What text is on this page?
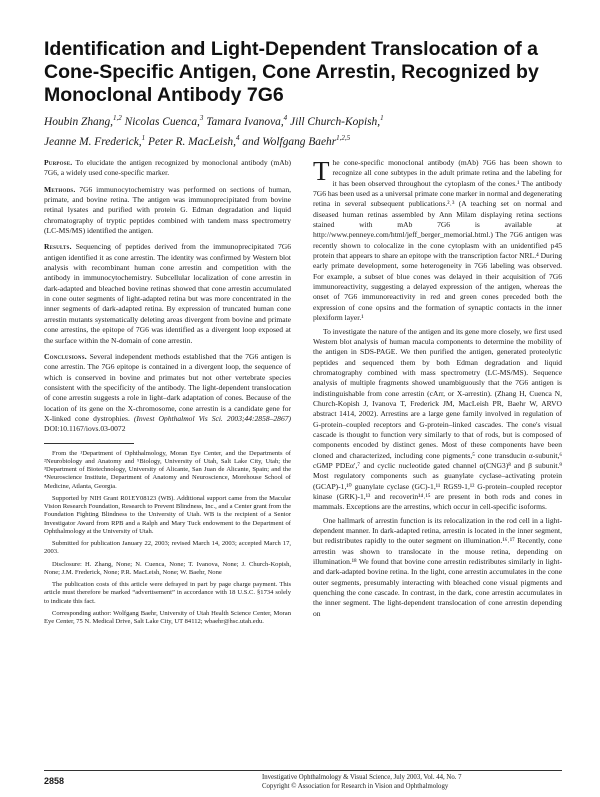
Identification and Light-Dependent Translocation of a Cone-Specific Antigen, Cone Arrestin, Recognized by Monoclonal Antibody 7G6
Houbin Zhang,$^{1,2}$ Nicolas Cuenca,$^3$ Tamara Ivanova,$^4$ Jill Church-Kopish,$^1$
Jeanne M. Frederick,$^1$ Peter R. MacLeish,$^4$ and Wolfgang Baehr$^{1,2,5}$

Purpose. To elucidate the antigen recognized by monoclonal antibody (mAb) 7G6, a widely used cone-specific marker.

Methods. 7G6 immunocytochemistry was performed on sections of human, primate, and bovine retina. The antigen was immunoprecipitated from bovine retinal lysates and purified with protein G. Edman degradation and liquid chromatography of tryptic peptides combined with tandem mass spectrometry (LC-MS/MS) identified the antigen.

Results. Sequencing of peptides derived from the immunoprecipitated 7G6 antigen identified it as cone arrestin. The identity was confirmed by Western blot analysis with recombinant human cone arrestin and competition with the antibody in immunocytochemistry. Subcellular localization of cone arrestin in dark-adapted and bleached bovine retinas showed that cone arrestin accumulated in cone outer segments of light-adapted retina but was more concentrated in the inner segments of dark-adapted retina. By expression of truncated human cone arrestin mutants systematically deleting areas divergent from bovine and primate cone arrestins, the epitope of 7G6 was identified as a divergent loop exposed at the surface within the N-domain of cone arrestin.

Conclusions. Several independent methods established that the 7G6 antigen is cone arrestin. The 7G6 epitope is contained in a divergent loop, the sequence of which is conserved in bovine and primates but not other vertebrate species consistent with the specificity of the antibody. The light-dependent translocation of cone arrestin suggests a role in light–dark adaptation of cones. Because of the location of its gene on the X-chromosome, cone arrestin is a candidate gene for X-linked cone dystrophies. (Invest Ophthalmol Vis Sci. 2003;44:2858–2867) DOI:10.1167/iovs.03-0072

From the ¹Department of Ophthalmology, Moran Eye Center, and the Departments of ²Neurobiology and Anatomy and ⁵Biology, University of Utah, Salt Lake City, Utah; the ³Department of Biotechnology, University of Alicante, San Juan de Alicante, Spain; and the ⁴Neuroscience Institute, Department of Anatomy and Neuroscience, Morehouse School of Medicine, Atlanta, Georgia.

Supported by NIH Grant R01EY08123 (WB). Additional support came from the Macular Vision Research Foundation, Research to Prevent Blindness, Inc., and a Center grant from the Foundation Fighting Blindness to the University of Utah. WB is the recipient of a Senior Investigator Award from RPB and a Ralph and Mary Tuck endowment to the Department of Ophthalmology at the University of Utah.

Submitted for publication January 22, 2003; revised March 14, 2003; accepted March 17, 2003.

Disclosure: H. Zhang, None; N. Cuenca, None; T. Ivanova, None; J. Church-Kopish, None; J.M. Frederick, None; P.R. MacLeish, None; W. Baehr, None

The publication costs of this article were defrayed in part by page charge payment. This article must therefore be marked “advertisement” in accordance with 18 U.S.C. §1734 solely to indicate this fact.

Corresponding author: Wolfgang Baehr, University of Utah Health Science Center, Moran Eye Center, 75 N. Medical Drive, Salt Lake City, UT 84112; wbaehr@hsc.utah.edu.

The cone-specific monoclonal antibody (mAb) 7G6 has been shown to recognize all cone subtypes in the adult primate retina and the labeling for it has been observed throughout the cytoplasm of the cones.¹ The antibody 7G6 has been used as a universal primate cone marker in normal and degenerating retina in several subsequent publications.²˒³ (A teaching set on normal and diseased human retinas assembled by Ann Milam displaying retina sections stained with mAb 7G6 is available at http://www.penneye.com/html/jeff_berger_memorial.html.) The 7G6 antigen was recently shown to colocalize in the cone cytoplasm with an unidentified p45 protein that appears to share an epitope with the transcription factor NRL.⁴ During early primate development, some heterogeneity in 7G6 labeling was observed. For example, a subset of blue cones was delayed in their acquisition of 7G6 immunoreactivity, suggesting a delayed expression of the antigen, whereas the onset of 7G6 immunoreactivity in red and green cones preceded both the expression of cone opsins and the formation of synaptic contacts in the inner plexiform layer.¹

To investigate the nature of the antigen and its gene more closely, we first used Western blot analysis of human macula components to determine the mobility of the antigen in SDS-PAGE. We then purified the antigen, generated proteolytic peptides and sequenced them by both Edman degradation and liquid chromatography combined with mass spectrometry (LC-MS/MS). Sequence analysis of multiple fragments showed unambiguously that the 7G6 antigen is indistinguishable from cone arrestin (cArr, or X-arrestin). (Zhang H, Cuenca N, Church-Kopish J, Ivanova T, Frederick JM, MacLeish PR, Baehr W, ARVO abstract 1414, 2002). Arrestins are a large gene family involved in regulation of G-protein–coupled receptors and G-protein–linked cascades. The cone's visual cascade is thought to function very similarly to that of rods, but is composed of components encoded by distinct genes. Most of these components have been cloned and characterized, including cone pigments,⁵ cone transducin α-subunit,⁶ cGMP PDEα′,⁷ and cyclic nucleotide gated channel α(CNG3)⁸ and β subunit.⁹ Most regulatory components such as guanylate cyclase–activating protein (GCAP)-1,¹⁰ guanylate cyclase (GC)-1,¹¹ RGS9-1,¹² G-protein–coupled receptor kinase (GRK)-1,¹³ and recoverin¹⁴˒¹⁵ are present in both rods and cones in mammals. Exceptions are the arrestins, which occur in cell-specific isoforms.

One hallmark of arrestin function is its relocalization in the rod cell in a light-dependent manner. In dark-adapted retina, arrestin is located in the inner segment, but redistributes rapidly to the outer segment on illumination.¹⁶˒¹⁷ Recently, cone arrestin was shown to translocate in the mouse retina, depending on illumination.¹⁸ We found that bovine cone arrestin redistributes similarly in light- and dark-adapted bovine retina. In the light, cone arrestin accumulates in the cone outer segments, presumably interacting with bleached cone visual pigments and quenching the cone cascade. In contrast, in the dark, cone arrestin accumulates in the inner segment. The light-dependent translocation of cone arrestin depending on

2858	Investigative Ophthalmology & Visual Science, July 2003, Vol. 44, No. 7
Copyright © Association for Research in Vision and Ophthalmology
